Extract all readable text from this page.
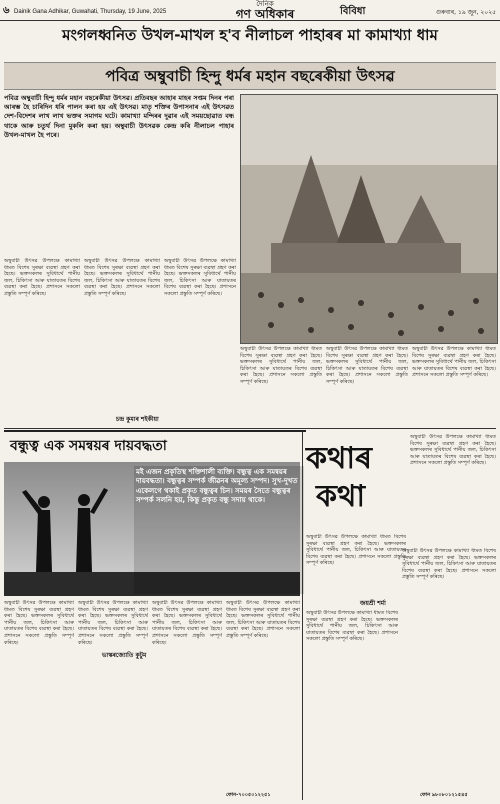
৬ Dainik Gana Adhikar, Guwahati, Thursday, 19 June, 2025
দৈনিক
গণ অধিকাৰ	বিবিধা	গুৰুবাৰ, ১৯ জুন, ২০২৫
মংগলধ্বনিত উখল-মাখল হ'ব নীলাচল পাহাৰৰ মা কামাখ্যা ধাম
পবিত্ৰ অম্বুবাচী হিন্দু ধৰ্মৰ মহান বছৰেকীয়া উৎসৱ
পবিত্ৰ অম্বুবাচী হিন্দু ধৰ্মৰ মহান বছৰেকীয়া উৎসৱ। প্ৰতিবছৰ আহাৰ মাহৰ সপ্তম দিনৰ পৰা আৰম্ভ হৈ চাৰিদিন ধৰি পালন কৰা হয় এই উৎসৱ। মাতৃ শক্তিৰ উপাসনাৰ এই উৎসৱত দেশ-বিদেশৰ লাখ লাখ ভক্তৰ সমাগম ঘটে। কামাখ্যা মন্দিৰৰ দুৱাৰ এই সময়ছোৱাত বন্ধ থাকে আৰু চতুৰ্থ দিনা মুকলি কৰা হয়। অম্বুবাচী উৎসৱক কেন্দ্ৰ কৰি নীলাচল পাহাৰ উখল-মাখল হৈ পৰে।
অম্বুবাচী উৎসৱ উপলক্ষে কামাখ্যা ধামত বিশেষ সুৰক্ষা ব্যৱস্থা গ্ৰহণ কৰা হৈছে। ভক্তসকলৰ সুবিধাৰ্থে পানীয় জল, চিকিৎসা আৰু যাতায়তৰ বিশেষ ব্যৱস্থা কৰা হৈছে। প্ৰশাসনে সকলো প্ৰস্তুতি সম্পূৰ্ণ কৰিছে।
অম্বুবাচী উৎসৱ উপলক্ষে কামাখ্যা ধামত বিশেষ সুৰক্ষা ব্যৱস্থা গ্ৰহণ কৰা হৈছে। ভক্তসকলৰ সুবিধাৰ্থে পানীয় জল, চিকিৎসা আৰু যাতায়তৰ বিশেষ ব্যৱস্থা কৰা হৈছে। প্ৰশাসনে সকলো প্ৰস্তুতি সম্পূৰ্ণ কৰিছে।
চন্দ্ৰ কুমাৰ শইকীয়া
অম্বুবাচী উৎসৱ উপলক্ষে কামাখ্যা ধামত বিশেষ সুৰক্ষা ব্যৱস্থা গ্ৰহণ কৰা হৈছে। ভক্তসকলৰ সুবিধাৰ্থে পানীয় জল, চিকিৎসা আৰু যাতায়তৰ বিশেষ ব্যৱস্থা কৰা হৈছে। প্ৰশাসনে সকলো প্ৰস্তুতি সম্পূৰ্ণ কৰিছে।
অম্বুবাচী উৎসৱ উপলক্ষে কামাখ্যা ধামত বিশেষ সুৰক্ষা ব্যৱস্থা গ্ৰহণ কৰা হৈছে। ভক্তসকলৰ সুবিধাৰ্থে পানীয় জল, চিকিৎসা আৰু যাতায়তৰ বিশেষ ব্যৱস্থা কৰা হৈছে। প্ৰশাসনে সকলো প্ৰস্তুতি সম্পূৰ্ণ কৰিছে।
অম্বুবাচী উৎসৱ উপলক্ষে কামাখ্যা ধামত বিশেষ সুৰক্ষা ব্যৱস্থা গ্ৰহণ কৰা হৈছে। ভক্তসকলৰ সুবিধাৰ্থে পানীয় জল, চিকিৎসা আৰু যাতায়তৰ বিশেষ ব্যৱস্থা কৰা হৈছে। প্ৰশাসনে সকলো প্ৰস্তুতি সম্পূৰ্ণ কৰিছে।
অম্বুবাচী উৎসৱ উপলক্ষে কামাখ্যা ধামত বিশেষ সুৰক্ষা ব্যৱস্থা গ্ৰহণ কৰা হৈছে। ভক্তসকলৰ সুবিধাৰ্থে পানীয় জল, চিকিৎসা আৰু যাতায়তৰ বিশেষ ব্যৱস্থা কৰা হৈছে। প্ৰশাসনে সকলো প্ৰস্তুতি সম্পূৰ্ণ কৰিছে।
বন্ধুত্ব এক সমন্বয়ৰ দায়বদ্ধতা
মই এজন প্ৰকৃতিস্থ শক্তিশালী ব্যক্তি। বন্ধুত্ব এক সমন্বয়ৰ দায়বদ্ধতা। বন্ধুত্বৰ সম্পৰ্ক জীৱনৰ অমূল্য সম্পদ। সুখ-দুখত একেলগে থকাই প্ৰকৃত বন্ধুত্বৰ চিন। সময়ৰ সৈতে বন্ধুত্বৰ সম্পৰ্ক সলনি হয়, কিন্তু প্ৰকৃত বন্ধু সদায় থাকে।
অম্বুবাচী উৎসৱ উপলক্ষে কামাখ্যা ধামত বিশেষ সুৰক্ষা ব্যৱস্থা গ্ৰহণ কৰা হৈছে। ভক্তসকলৰ সুবিধাৰ্থে পানীয় জল, চিকিৎসা আৰু যাতায়তৰ বিশেষ ব্যৱস্থা কৰা হৈছে। প্ৰশাসনে সকলো প্ৰস্তুতি সম্পূৰ্ণ কৰিছে।
অম্বুবাচী উৎসৱ উপলক্ষে কামাখ্যা ধামত বিশেষ সুৰক্ষা ব্যৱস্থা গ্ৰহণ কৰা হৈছে। ভক্তসকলৰ সুবিধাৰ্থে পানীয় জল, চিকিৎসা আৰু যাতায়তৰ বিশেষ ব্যৱস্থা কৰা হৈছে। প্ৰশাসনে সকলো প্ৰস্তুতি সম্পূৰ্ণ কৰিছে।
ভাস্কৰজ্যোতি কুটুম
অম্বুবাচী উৎসৱ উপলক্ষে কামাখ্যা ধামত বিশেষ সুৰক্ষা ব্যৱস্থা গ্ৰহণ কৰা হৈছে। ভক্তসকলৰ সুবিধাৰ্থে পানীয় জল, চিকিৎসা আৰু যাতায়তৰ বিশেষ ব্যৱস্থা কৰা হৈছে। প্ৰশাসনে সকলো প্ৰস্তুতি সম্পূৰ্ণ কৰিছে।
অম্বুবাচী উৎসৱ উপলক্ষে কামাখ্যা ধামত বিশেষ সুৰক্ষা ব্যৱস্থা গ্ৰহণ কৰা হৈছে। ভক্তসকলৰ সুবিধাৰ্থে পানীয় জল, চিকিৎসা আৰু যাতায়তৰ বিশেষ ব্যৱস্থা কৰা হৈছে। প্ৰশাসনে সকলো প্ৰস্তুতি সম্পূৰ্ণ কৰিছে।
ফোন-৭০০৫০১২২৫১
কথাৰ
কথা
অম্বুবাচী উৎসৱ উপলক্ষে কামাখ্যা ধামত বিশেষ সুৰক্ষা ব্যৱস্থা গ্ৰহণ কৰা হৈছে। ভক্তসকলৰ সুবিধাৰ্থে পানীয় জল, চিকিৎসা আৰু যাতায়তৰ বিশেষ ব্যৱস্থা কৰা হৈছে। প্ৰশাসনে সকলো প্ৰস্তুতি সম্পূৰ্ণ কৰিছে।
অম্বুবাচী উৎসৱ উপলক্ষে কামাখ্যা ধামত বিশেষ সুৰক্ষা ব্যৱস্থা গ্ৰহণ কৰা হৈছে। ভক্তসকলৰ সুবিধাৰ্থে পানীয় জল, চিকিৎসা আৰু যাতায়তৰ বিশেষ ব্যৱস্থা কৰা হৈছে। প্ৰশাসনে সকলো প্ৰস্তুতি সম্পূৰ্ণ কৰিছে।
জয়শ্ৰী শৰ্মা
অম্বুবাচী উৎসৱ উপলক্ষে কামাখ্যা ধামত বিশেষ সুৰক্ষা ব্যৱস্থা গ্ৰহণ কৰা হৈছে। ভক্তসকলৰ সুবিধাৰ্থে পানীয় জল, চিকিৎসা আৰু যাতায়তৰ বিশেষ ব্যৱস্থা কৰা হৈছে। প্ৰশাসনে সকলো প্ৰস্তুতি সম্পূৰ্ণ কৰিছে।
অম্বুবাচী উৎসৱ উপলক্ষে কামাখ্যা ধামত বিশেষ সুৰক্ষা ব্যৱস্থা গ্ৰহণ কৰা হৈছে। ভক্তসকলৰ সুবিধাৰ্থে পানীয় জল, চিকিৎসা আৰু যাতায়তৰ বিশেষ ব্যৱস্থা কৰা হৈছে। প্ৰশাসনে সকলো প্ৰস্তুতি সম্পূৰ্ণ কৰিছে।
ফোন ৯৮০৮০১২১৫৪৫
